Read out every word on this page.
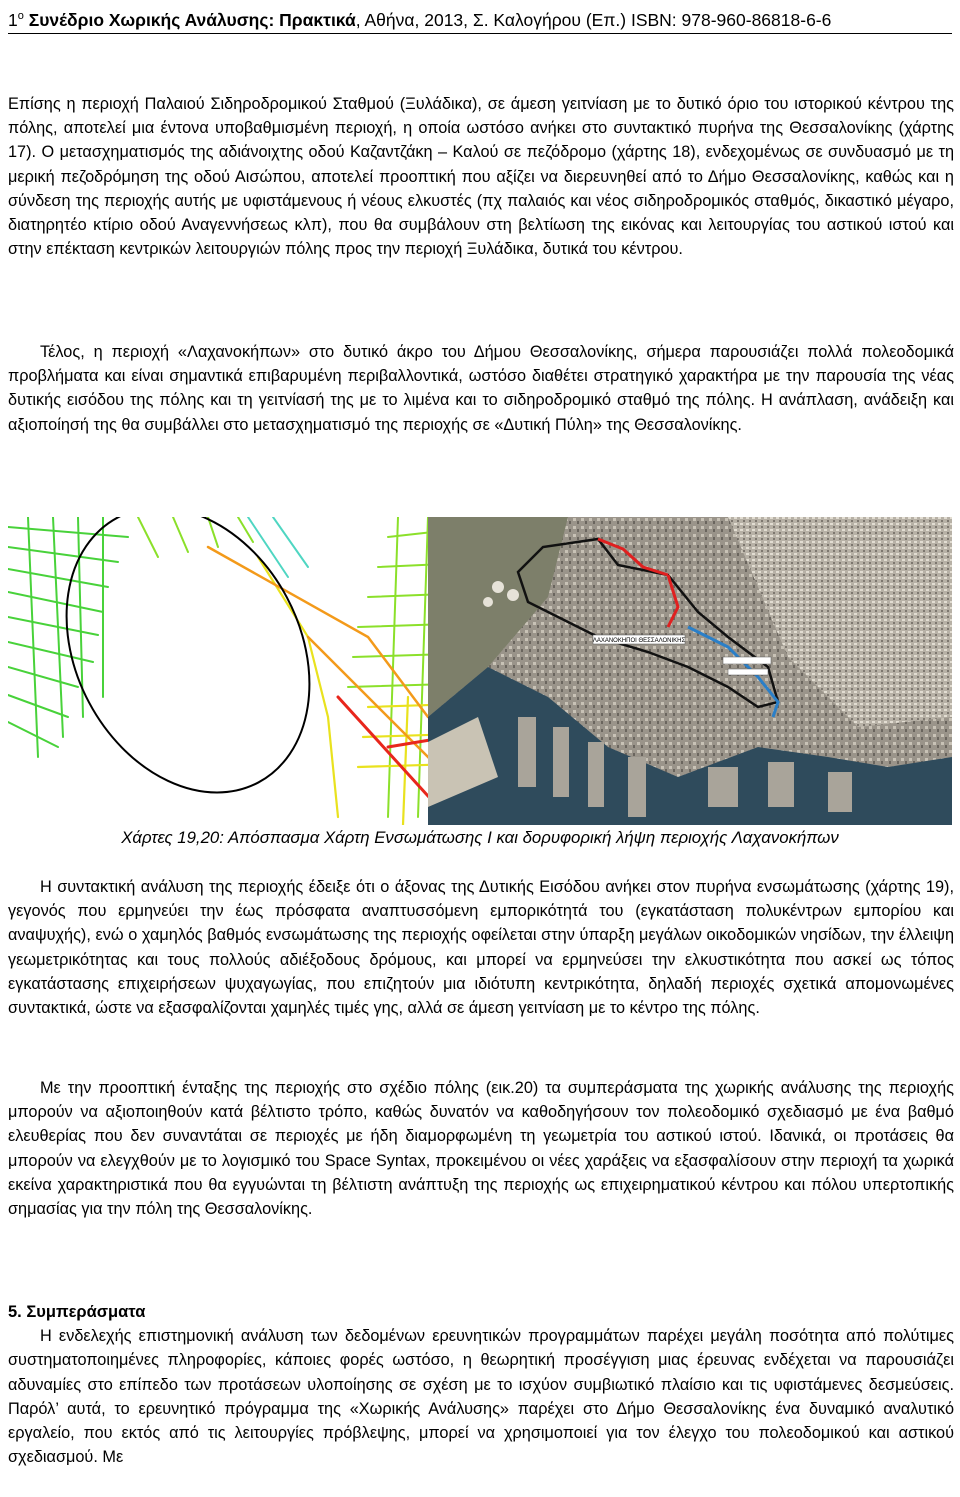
$1^o$ Συνέδριο Χωρικής Ανάλυσης: Πρακτικά, Αθήνα, 2013, Σ. Καλογήρου (Επ.) ISBN: 978-960-86818-6-6

Επίσης η περιοχή Παλαιού Σιδηροδρομικού Σταθμού (Ξυλάδικα), σε άμεση γειτνίαση με το δυτικό όριο του ιστορικού κέντρου της πόλης, αποτελεί μια έντονα υποβαθμισμένη περιοχή, η οποία ωστόσο ανήκει στο συντακτικό πυρήνα της Θεσσαλονίκης (χάρτης 17). Ο μετασχηματισμός της αδιάνοιχτης οδού Καζαντζάκη – Καλού σε πεζόδρομο (χάρτης 18), ενδεχομένως σε συνδυασμό με τη μερική πεζοδρόμηση της οδού Αισώπου, αποτελεί προοπτική που αξίζει να διερευνηθεί από το Δήμο Θεσσαλονίκης, καθώς και η σύνδεση της περιοχής αυτής με υφιστάμενους ή νέους ελκυστές (πχ παλαιός και νέος σιδηροδρομικός σταθμός, δικαστικό μέγαρο, διατηρητέο κτίριο οδού Αναγεννήσεως κλπ), που θα συμβάλουν στη βελτίωση της εικόνας και λειτουργίας του αστικού ιστού και στην επέκταση κεντρικών λειτουργιών πόλης προς την περιοχή Ξυλάδικα, δυτικά του κέντρου.

Τέλος, η περιοχή «Λαχανοκήπων» στο δυτικό άκρο του Δήμου Θεσσαλονίκης, σήμερα παρουσιάζει πολλά πολεοδομικά προβλήματα και είναι σημαντικά επιβαρυμένη περιβαλλοντικά, ωστόσο διαθέτει στρατηγικό χαρακτήρα με την παρουσία της νέας δυτικής εισόδου της πόλης και τη γειτνίασή της με το λιμένα και το σιδηροδρομικό σταθμό της πόλης. Η ανάπλαση, ανάδειξη και αξιοποίησή της θα συμβάλλει στο μετασχηματισμό της περιοχής σε «Δυτική Πύλη» της Θεσσαλονίκης.

ΛΑΧΑΝΟΚΗΠΟΙ ΘΕΣΣΑΛΟΝΙΚΗΣ
Χάρτες 19,20: Απόσπασμα Χάρτη Ενσωμάτωσης Ι και δορυφορική λήψη περιοχής Λαχανοκήπων

Η συντακτική ανάλυση της περιοχής έδειξε ότι ο άξονας της Δυτικής Εισόδου ανήκει στον πυρήνα ενσωμάτωσης (χάρτης 19), γεγονός που ερμηνεύει την έως πρόσφατα αναπτυσσόμενη εμπορικότητά του (εγκατάσταση πολυκέντρων εμπορίου και αναψυχής), ενώ ο χαμηλός βαθμός ενσωμάτωσης της περιοχής οφείλεται στην ύπαρξη μεγάλων οικοδομικών νησίδων, την έλλειψη γεωμετρικότητας και τους πολλούς αδιέξοδους δρόμους, και μπορεί να ερμηνεύσει την ελκυστικότητα που ασκεί ως τόπος εγκατάστασης επιχειρήσεων ψυχαγωγίας, που επιζητούν μια ιδιότυπη κεντρικότητα, δηλαδή περιοχές σχετικά απομονωμένες συντακτικά, ώστε να εξασφαλίζονται χαμηλές τιμές γης, αλλά σε άμεση γειτνίαση με το κέντρο της πόλης.

Με την προοπτική ένταξης της περιοχής στο σχέδιο πόλης (εικ.20) τα συμπεράσματα της χωρικής ανάλυσης της περιοχής μπορούν να αξιοποιηθούν κατά βέλτιστο τρόπο, καθώς δυνατόν να καθοδηγήσουν τον πολεοδομικό σχεδιασμό με ένα βαθμό ελευθερίας που δεν συναντάται σε περιοχές με ήδη διαμορφωμένη τη γεωμετρία του αστικού ιστού. Ιδανικά, οι προτάσεις θα μπορούν να ελεγχθούν με το λογισμικό του Space Syntax, προκειμένου οι νέες χαράξεις να εξασφαλίσουν στην περιοχή τα χωρικά εκείνα χαρακτηριστικά που θα εγγυώνται τη βέλτιστη ανάπτυξη της περιοχής ως επιχειρηματικού κέντρου και πόλου υπερτοπικής σημασίας για την πόλη της Θεσσαλονίκης.

5. Συμπεράσματα

Η ενδελεχής επιστημονική ανάλυση των δεδομένων ερευνητικών προγραμμάτων παρέχει μεγάλη ποσότητα από πολύτιμες συστηματοποιημένες πληροφορίες, κάποιες φορές ωστόσο, η θεωρητική προσέγγιση μιας έρευνας ενδέχεται να παρουσιάζει αδυναμίες στο επίπεδο των προτάσεων υλοποίησης σε σχέση με το ισχύον συμβιωτικό πλαίσιο και τις υφιστάμενες δεσμεύσεις. Παρόλ’ αυτά, το ερευνητικό πρόγραμμα της «Χωρικής Ανάλυσης» παρέχει στο Δήμο Θεσσαλονίκης ένα δυναμικό αναλυτικό εργαλείο, που εκτός από τις λειτουργίες πρόβλεψης, μπορεί να χρησιμοποιεί για τον έλεγχο του πολεοδομικού και αστικού σχεδιασμού. Με
